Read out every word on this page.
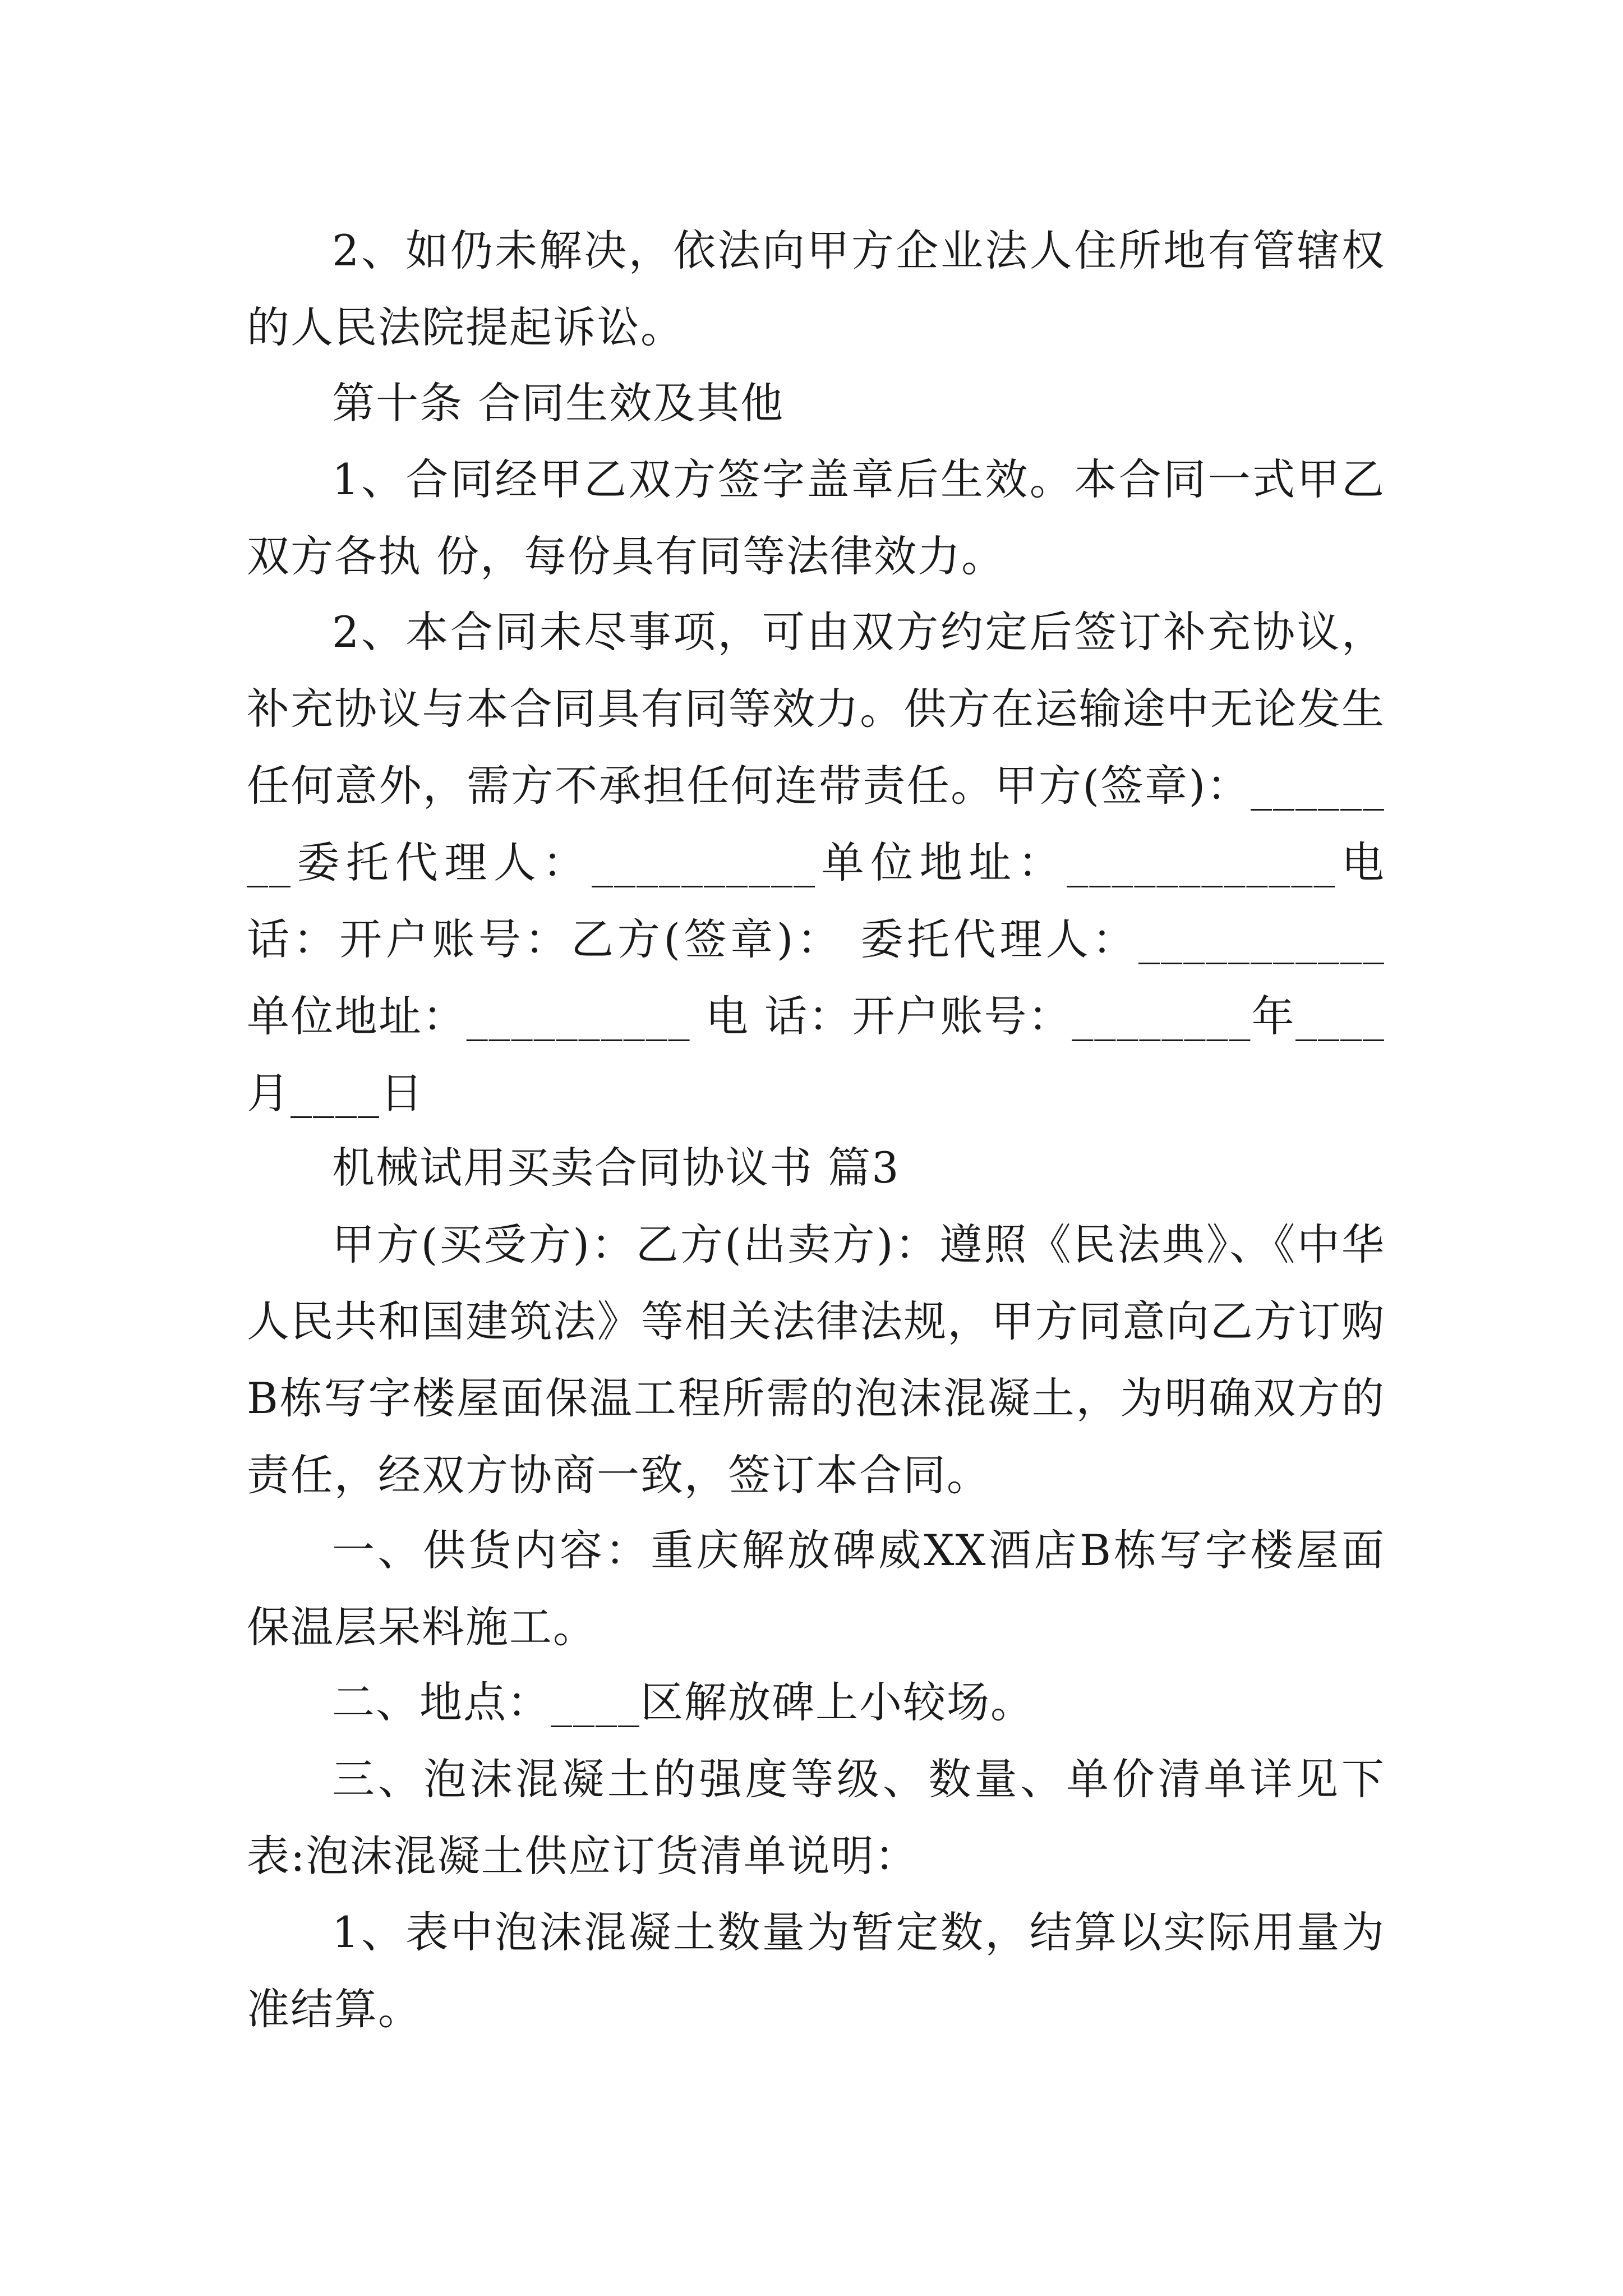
2、如仍未解决，依法向甲方企业法人住所地有管辖权的人民法院提起诉讼。

第十条 合同生效及其他

1、合同经甲乙双方签字盖章后生效。本合同一式甲乙双方各执 份，每份具有同等法律效力。

2、本合同未尽事项，可由双方约定后签订补充协议，补充协议与本合同具有同等效力。供方在运输途中无论发生任何意外，需方不承担任何连带责任。甲方(签章)：________委托代理人：__________单位地址：____________电 话：开户账号：乙方(签章)： 委托代理人：___________ 单位地址：__________ 电 话：开户账号：________年____月____日

机械试用买卖合同协议书 篇3

甲方(买受方)：乙方(出卖方)：遵照《民法典》、《中华人民共和国建筑法》等相关法律法规，甲方同意向乙方订购B栋写字楼屋面保温工程所需的泡沫混凝土，为明确双方的责任，经双方协商一致，签订本合同。

一、供货内容：重庆解放碑威XX酒店B栋写字楼屋面保温层呆料施工。

二、地点：____区解放碑上小较场。

三、泡沫混凝土的强度等级、数量、单价清单详见下表:泡沫混凝土供应订货清单说明：

1、表中泡沫混凝土数量为暂定数，结算以实际用量为准结算。
